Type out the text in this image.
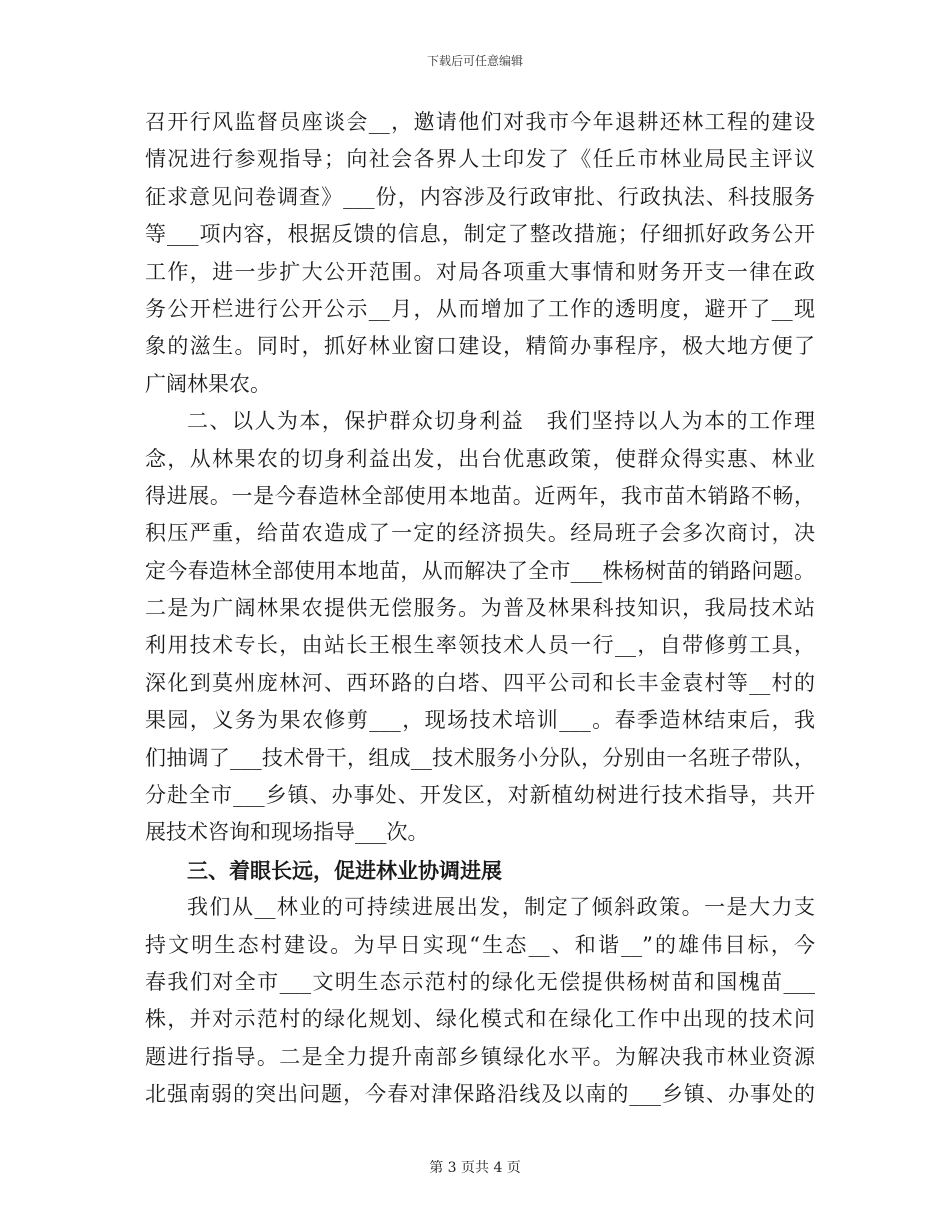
下载后可任意编辑
召开行风监督员座谈会__，邀请他们对我市今年退耕还林工程的建设
情况进行参观指导；向社会各界人士印发了《任丘市林业局民主评议
征求意见问卷调查》___份，内容涉及行政审批、行政执法、科技服务
等___项内容，根据反馈的信息，制定了整改措施；仔细抓好政务公开
工作，进一步扩大公开范围。对局各项重大事情和财务开支一律在政
务公开栏进行公开公示__月，从而增加了工作的透明度，避开了__现
象的滋生。同时，抓好林业窗口建设，精简办事程序，极大地方便了
广阔林果农。
二、以人为本，保护群众切身利益　我们坚持以人为本的工作理
念，从林果农的切身利益出发，出台优惠政策，使群众得实惠、林业
得进展。一是今春造林全部使用本地苗。近两年，我市苗木销路不畅，
积压严重，给苗农造成了一定的经济损失。经局班子会多次商讨，决
定今春造林全部使用本地苗，从而解决了全市___株杨树苗的销路问题。
二是为广阔林果农提供无偿服务。为普及林果科技知识，我局技术站
利用技术专长，由站长王根生率领技术人员一行__，自带修剪工具，
深化到莫州庞林河、西环路的白塔、四平公司和长丰金袁村等__村的
果园，义务为果农修剪___，现场技术培训___。春季造林结束后，我
们抽调了___技术骨干，组成__技术服务小分队，分别由一名班子带队，
分赴全市___乡镇、办事处、开发区，对新植幼树进行技术指导，共开
展技术咨询和现场指导___次。
三、着眼长远，促进林业协调进展
我们从__林业的可持续进展出发，制定了倾斜政策。一是大力支
持文明生态村建设。为早日实现“生态__、和谐__”的雄伟目标，今
春我们对全市___文明生态示范村的绿化无偿提供杨树苗和国槐苗___
株，并对示范村的绿化规划、绿化模式和在绿化工作中出现的技术问
题进行指导。二是全力提升南部乡镇绿化水平。为解决我市林业资源
北强南弱的突出问题，今春对津保路沿线及以南的___乡镇、办事处的
第 3 页共 4 页
